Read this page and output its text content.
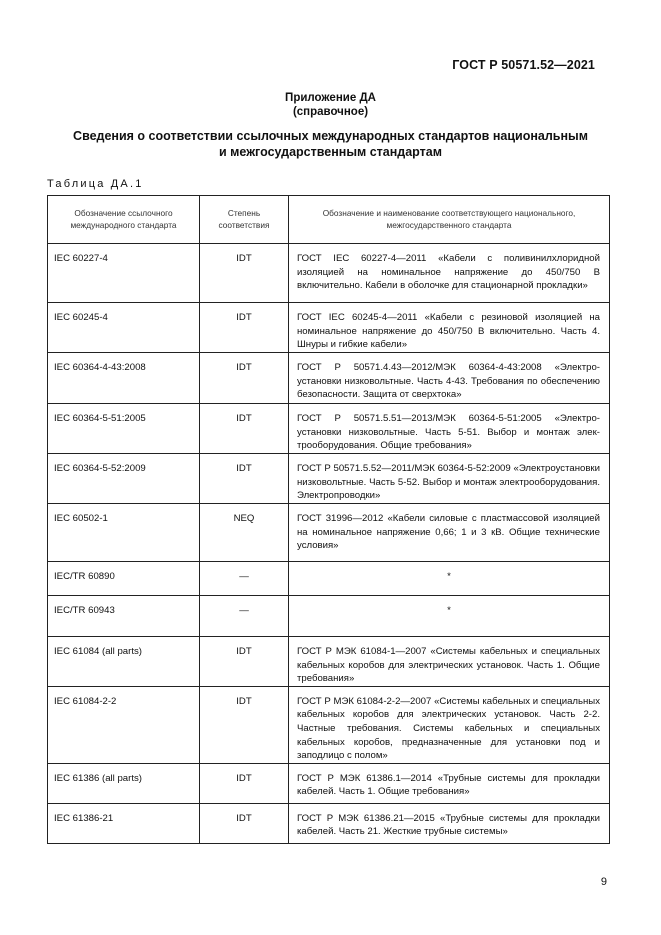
ГОСТ Р 50571.52—2021
Приложение ДА
(справочное)
Сведения о соответствии ссылочных международных стандартов национальным
и межгосударственным стандартам
Таблица ДА.1
Обозначение ссылочного международного стандарта	Степень соответствия	Обозначение и наименование соответствующего национального, межгосударственного стандарта
IEC 60227-4	IDT	ГОСТ IEC 60227-4—2011 «Кабели с поливинилхлоридной изоляцией на номинальное напряжение до 450/750 В включительно. Кабели в оболочке для стационарной прокладки»
IEC 60245-4	IDT	ГОСТ IEC 60245-4—2011 «Кабели с резиновой изоляцией на номинальное напряжение до 450/750 В включительно. Часть 4. Шнуры и гибкие кабели»
IEC 60364-4-43:2008	IDT	ГОСТ Р 50571.4.43—2012/МЭК 60364-4-43:2008 «Электроустановки низковольтные. Часть 4-43. Требования по обеспечению безопасности. Защита от сверхтока»
IEC 60364-5-51:2005	IDT	ГОСТ Р 50571.5.51—2013/МЭК 60364-5-51:2005 «Электроустановки низковольтные. Часть 5-51. Выбор и монтаж электрооборудования. Общие требования»
IEC 60364-5-52:2009	IDT	ГОСТ Р 50571.5.52—2011/МЭК 60364-5-52:2009 «Электроустановки низковольтные. Часть 5-52. Выбор и монтаж электрооборудования. Электропроводки»
IEC 60502-1	NEQ	ГОСТ 31996—2012 «Кабели силовые с пластмассовой изоляцией на номинальное напряжение 0,66; 1 и 3 кВ. Общие технические условия»
IEC/TR 60890	—	*
IEC/TR 60943	—	*
IEC 61084 (all parts)	IDT	ГОСТ Р МЭК 61084-1—2007 «Системы кабельных и специальных кабельных коробов для электрических установок. Часть 1. Общие требования»
IEC 61084-2-2	IDT	ГОСТ Р МЭК 61084-2-2—2007 «Системы кабельных и специальных кабельных коробов для электрических установок. Часть 2-2. Частные требования. Системы кабельных и специальных кабельных коробов, предназначенные для установки под и заподлицо с полом»
IEC 61386 (all parts)	IDT	ГОСТ Р МЭК 61386.1—2014 «Трубные системы для прокладки кабелей. Часть 1. Общие требования»
IEC 61386-21	IDT	ГОСТ Р МЭК 61386.21—2015 «Трубные системы для прокладки кабелей. Часть 21. Жесткие трубные системы»
9
